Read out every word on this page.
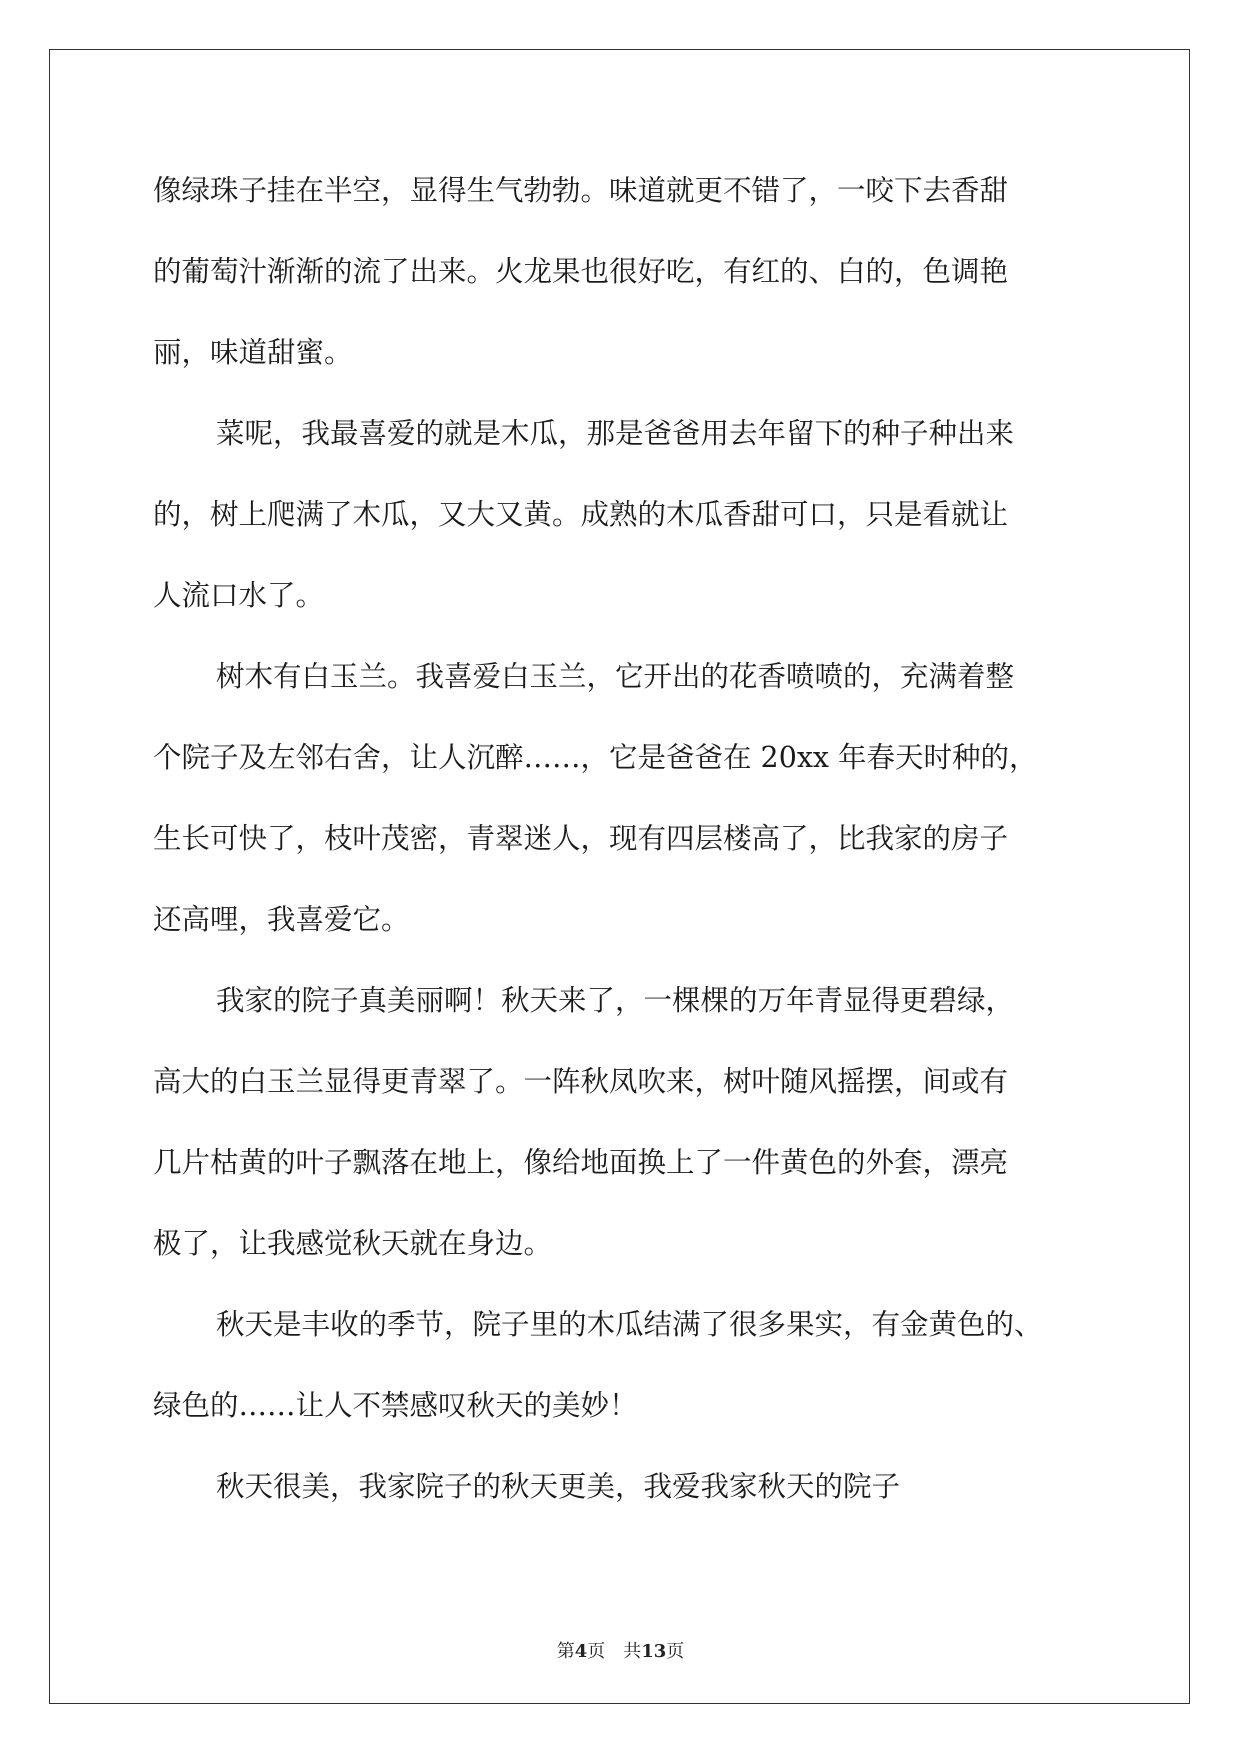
像绿珠子挂在半空，显得生气勃勃。味道就更不错了，一咬下去香甜
的葡萄汁渐渐的流了出来。火龙果也很好吃，有红的、白的，色调艳
丽，味道甜蜜。
菜呢，我最喜爱的就是木瓜，那是爸爸用去年留下的种子种出来
的，树上爬满了木瓜，又大又黄。成熟的木瓜香甜可口，只是看就让
人流口水了。
树木有白玉兰。我喜爱白玉兰，它开出的花香喷喷的，充满着整
个院子及左邻右舍，让人沉醉……，它是爸爸在 20xx 年春天时种的，
生长可快了，枝叶茂密，青翠迷人，现有四层楼高了，比我家的房子
还高哩，我喜爱它。
我家的院子真美丽啊！秋天来了，一棵棵的万年青显得更碧绿，
高大的白玉兰显得更青翠了。一阵秋凤吹来，树叶随风摇摆，间或有
几片枯黄的叶子飘落在地上，像给地面换上了一件黄色的外套，漂亮
极了，让我感觉秋天就在身边。
秋天是丰收的季节，院子里的木瓜结满了很多果实，有金黄色的、
绿色的……让人不禁感叹秋天的美妙！
秋天很美，我家院子的秋天更美，我爱我家秋天的院子
第4页 共13页
